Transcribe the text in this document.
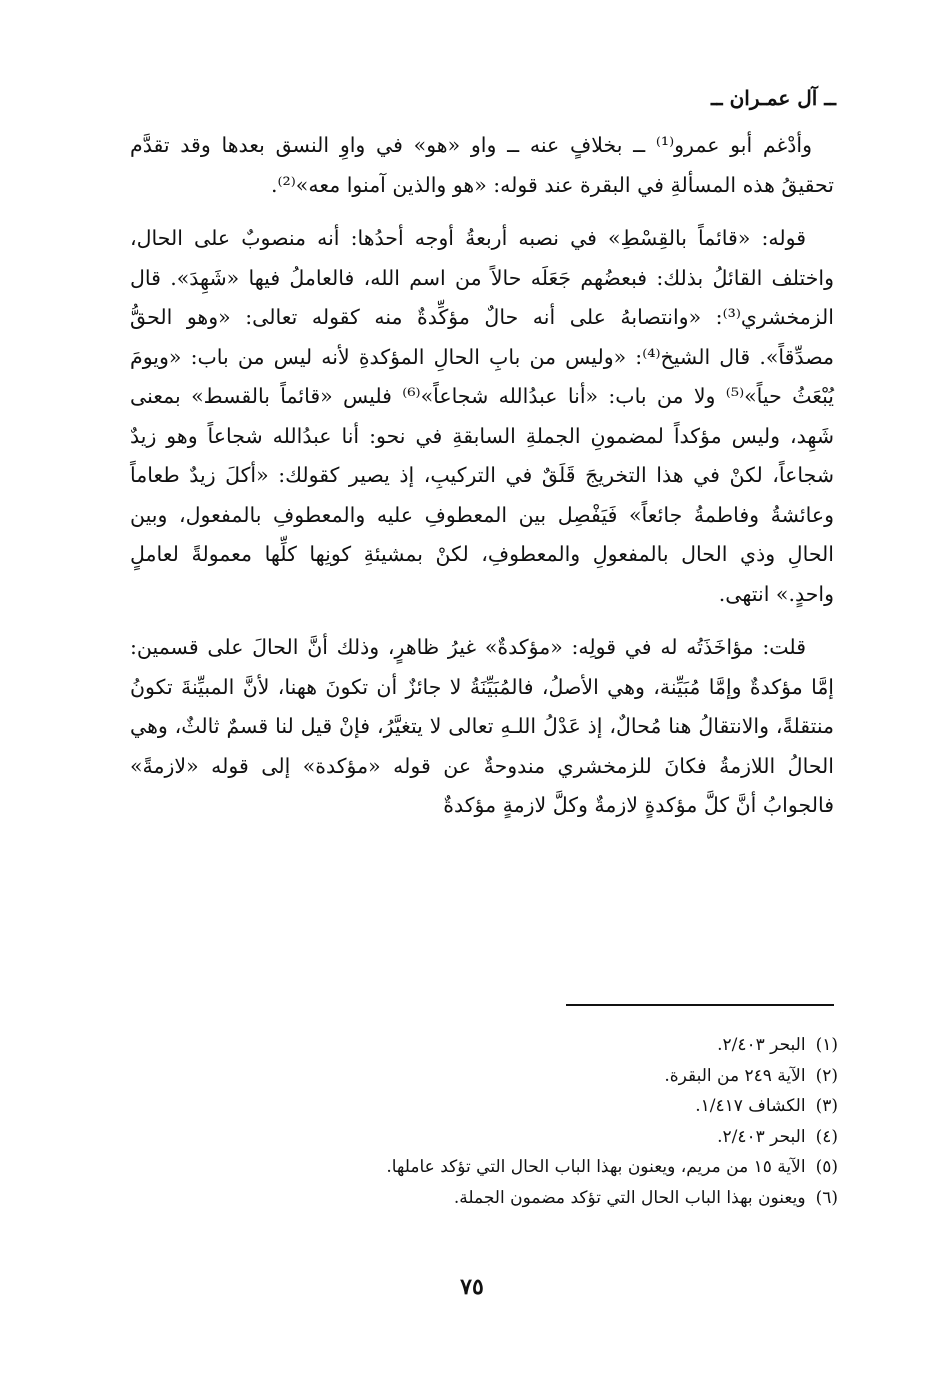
ــ آل عمـران ــ

وأدْغم أبو عمرو⁽¹⁾ ــ بخلافٍ عنه ــ واو «هو» في واوِ النسق بعدها وقد تقدَّم تحقيقُ هذه المسألةِ في البقرة عند قوله: «هو والذين آمنوا معه»⁽²⁾.

قوله: «قائماً بالقِسْطِ» في نصبه أربعةُ أوجه أحدُها: أنه منصوبٌ على الحال، واختلف القائلُ بذلك: فبعضُهم جَعَلَه حالاً من اسم الله، فالعاملُ فيها «شَهِدَ». قال الزمخشري⁽³⁾: «وانتصابهُ على أنه حالٌ مؤكِّدةٌ منه كقوله تعالى: «وهو الحقُّ مصدِّقاً». قال الشيخ⁽⁴⁾: «وليس من بابِ الحالِ المؤكدةِ لأنه ليس من باب: «ويومَ يُبْعَثُ حياً»⁽⁵⁾ ولا من باب: «أنا عبدُالله شجاعاً»⁽⁶⁾ فليس «قائماً بالقسط» بمعنى شَهِد، وليس مؤكداً لمضمونِ الجملةِ السابقةِ في نحو: أنا عبدُالله شجاعاً وهو زيدٌ شجاعاً، لكنْ في هذا التخريجَ قَلَقٌ في التركيبِ، إذ يصير كقولك: «أكلَ زيدٌ طعاماً وعائشةُ وفاطمةُ جائعاً» فَيَفْصِل بين المعطوفِ عليه والمعطوفِ بالمفعول، وبين الحالِ وذي الحال بالمفعولِ والمعطوفِ، لكنْ بمشيئةِ كونِها كلِّها معمولةً لعاملٍ واحدٍ.» انتهى.

قلت: مؤاخَذَتُه له في قولِه: «مؤكدةٌ» غيرُ ظاهرٍ، وذلك أنَّ الحالَ على قسمين: إمَّا مؤكدةٌ وإمَّا مُبَيِّنة، وهي الأصلُ، فالمُبَيِّنَةُ لا جائزٌ أن تكونَ ههنا، لأنَّ المبيِّنةَ تكونُ منتقلةً، والانتقالُ هنا مُحالٌ، إذ عَدْلُ اللـهِ تعالى لا يتغيَّرُ، فإنْ قيل لنا قسمٌ ثالثٌ، وهي الحالُ اللازمةُ فكانَ للزمخشري مندوحةٌ عن قوله «مؤكدة» إلى قوله «لازمةً» فالجوابُ أنَّ كلَّ مؤكدةٍ لازمةٌ وكلَّ لازمةٍ مؤكدةٌ

(١)البحر ٢/٤٠٣.
(٢)الآية ٢٤٩ من البقرة.
(٣)الكشاف ١/٤١٧.
(٤)البحر ٢/٤٠٣.
(٥)الآية ١٥ من مريم، ويعنون بهذا الباب الحال التي تؤكد عاملها.
(٦)ويعنون بهذا الباب الحال التي تؤكد مضمون الجملة.
٧٥
